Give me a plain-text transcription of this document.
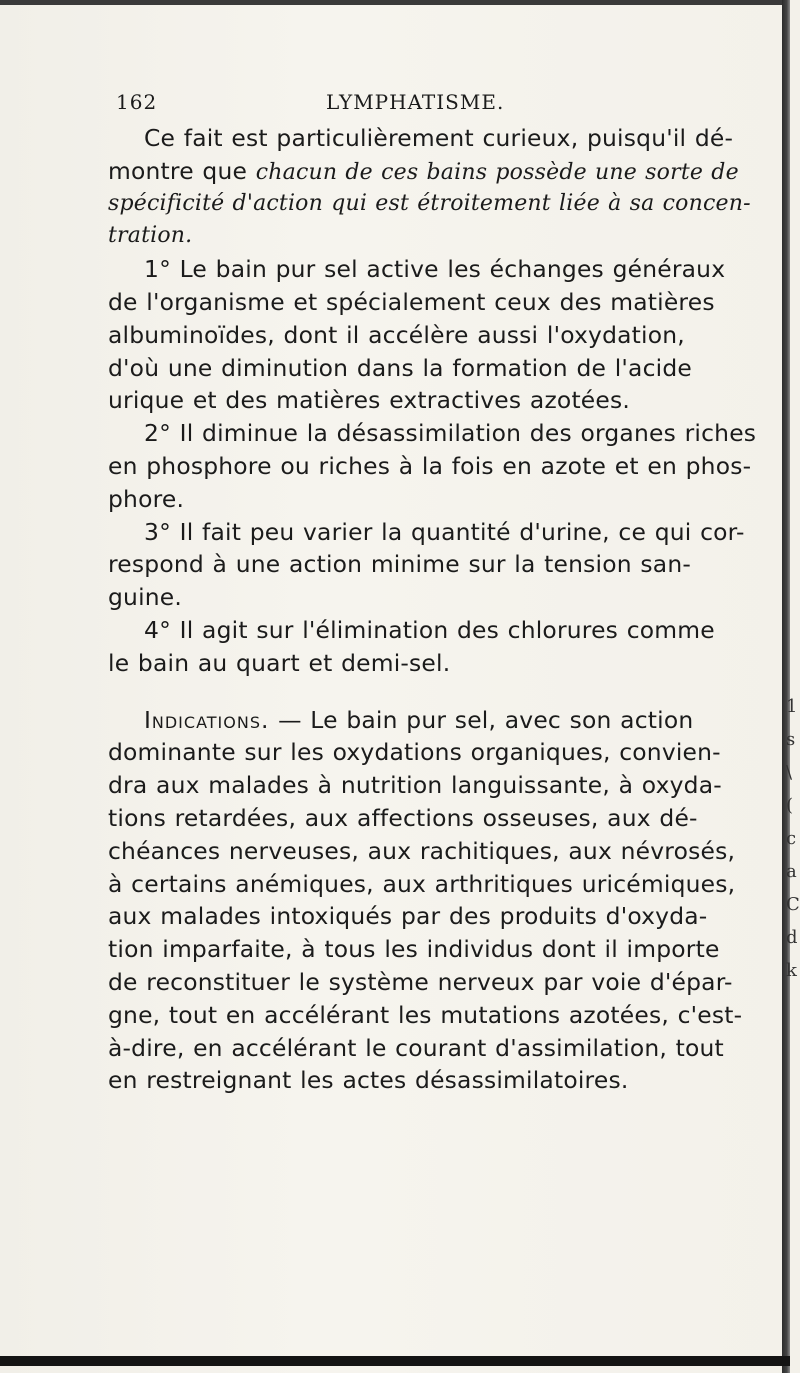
1
s
\
(
c
a
C
d
k
162	LYMPHATISME.
Ce fait est particulièrement curieux, puisqu'il dé-
montre que chacun de ces bains possède une sorte de
spécificité d'action qui est étroitement liée à sa concen-
tration.
1° Le bain pur sel active les échanges généraux
de l'organisme et spécialement ceux des matières
albuminoïdes, dont il accélère aussi l'oxydation,
d'où une diminution dans la formation de l'acide
urique et des matières extractives azotées.
2° Il diminue la désassimilation des organes riches
en phosphore ou riches à la fois en azote et en phos-
phore.
3° Il fait peu varier la quantité d'urine, ce qui cor-
respond à une action minime sur la tension san-
guine.
4° Il agit sur l'élimination des chlorures comme
le bain au quart et demi-sel.
Indications. — Le bain pur sel, avec son action
dominante sur les oxydations organiques, convien-
dra aux malades à nutrition languissante, à oxyda-
tions retardées, aux affections osseuses, aux dé-
chéances nerveuses, aux rachitiques, aux névrosés,
à certains anémiques, aux arthritiques uricémiques,
aux malades intoxiqués par des produits d'oxyda-
tion imparfaite, à tous les individus dont il importe
de reconstituer le système nerveux par voie d'épar-
gne, tout en accélérant les mutations azotées, c'est-
à-dire, en accélérant le courant d'assimilation, tout
en restreignant les actes désassimilatoires.
